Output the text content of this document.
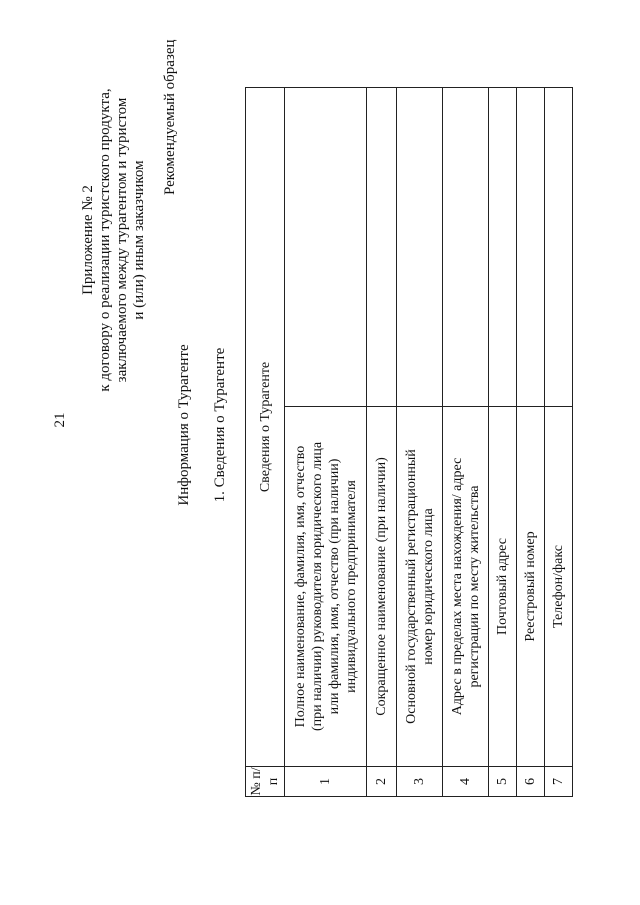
21
Приложение № 2 к договору о реализации туристского продукта, заключаемого между турагентом и туристом и (или) иным заказчиком
Рекомендуемый образец
Информация о Турагенте 1. Сведения о Турагенте
№ п/п	Сведения о Турагенте	
1	Полное наименование, фамилия, имя, отчество (при наличии) руководителя юридического лица или фамилия, имя, отчество (при наличии) индивидуального предпринимателя	

2	Сокращенное наименование (при наличии)	

3	Основной государственный регистрационный номер юридического лица	

4	Адрес в пределах места нахождения/ адрес регистрации по месту жительства	

5	Почтовый адрес	

6	Реестровый номер	

7	Телефон/факс	
